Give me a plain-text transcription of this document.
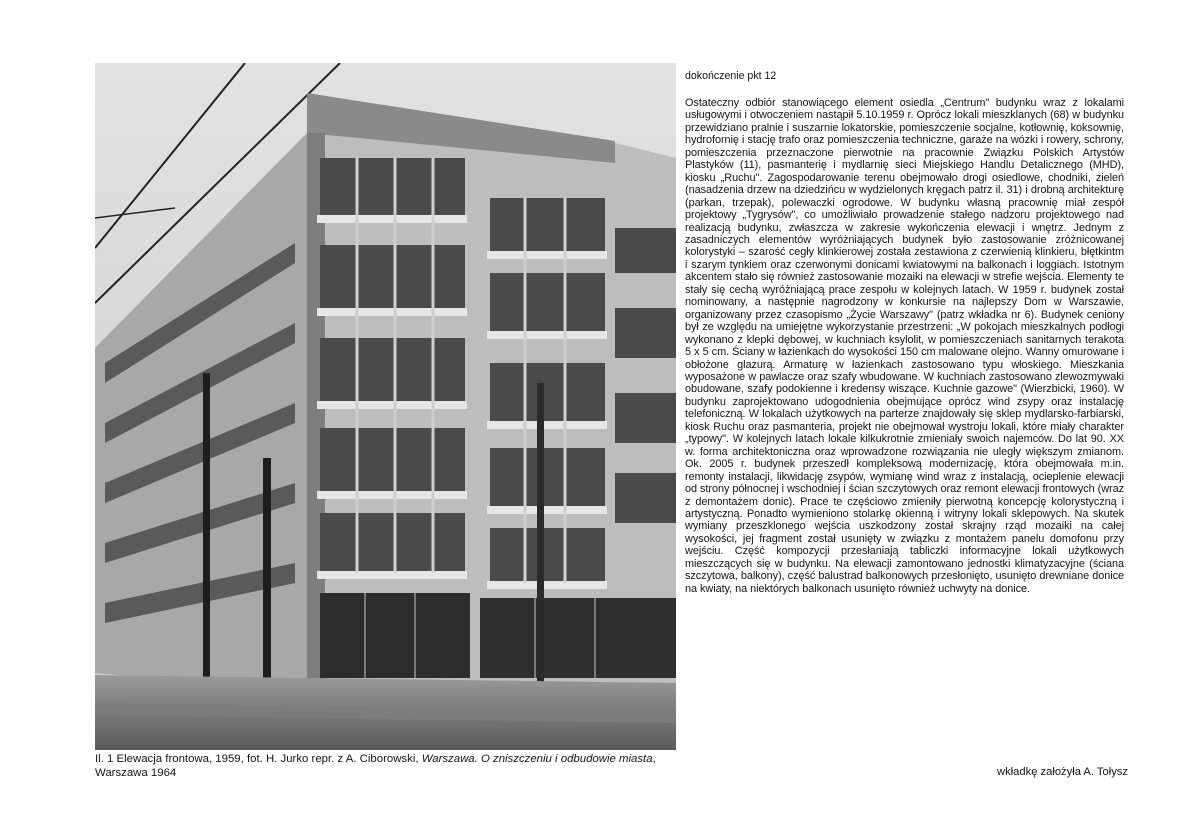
Il. 1 Elewacja frontowa, 1959, fot. H. Jurko repr. z A. Ciborowski, Warszawa. O zniszczeniu i odbudowie miasta, Warszawa 1964

dokończenie pkt 12

Ostateczny odbiór stanowiącego element osiedla „Centrum" budynku wraz z lokalami usługowymi i otwoczeniem nastąpił 5.10.1959 r. Oprócz lokali mieszklanych (68) w budynku przewidziano pralnie i suszarnie lokatorskie, pomieszczenie socjalne, kotłownię, koksownię, hydrofornię i stację trafo oraz pomieszczenia techniczne, garaże na wózki i rowery, schrony, pomieszczenia przeznaczone pierwotnie na pracownie Związku Polskich Artystów Plastyków (11), pasmanterię i mydlarnię sieci Miejskiego Handlu Detalicznego (MHD), kiosku „Ruchu". Zagospodarowanie terenu obejmowało drogi osiedlowe, chodniki, zieleń (nasadzenia drzew na dziedzińcu w wydzielonych kręgach patrz il. 31) i drobną architekturę (parkan, trzepak), polewaczki ogrodowe. W budynku własną pracownię miał zespół projektowy „Tygrysów", co umożliwiało prowadzenie stałego nadzoru projektowego nad realizacją budynku, zwłaszcza w zakresie wykończenia elewacji i wnętrz. Jednym z zasadniczych elementów wyróżniających budynek było zastosowanie zróżnicowanej kolorystyki – szarość cegły klinkierowej została zestawiona z czerwienią klinkieru, błętkintm i szarym tynkiem oraz czerwonymi donicami kwiatowymi na balkonach i loggiach. Istotnym akcentem stało się również zastosowanie mozaiki na elewacji w strefie wejścia. Elementy te stały się cechą wyróżniającą prace zespołu w kolejnych latach. W 1959 r. budynek został nominowany, a następnie nagrodzony w konkursie na najlepszy Dom w Warszawie, organizowany przez czasopismo „Życie Warszawy" (patrz wkładka nr 6). Budynek ceniony był ze względu na umiejętne wykorzystanie przestrzeni: „W pokojach mieszkalnych podłogi wykonano z klepki dębowej, w kuchniach ksylolit, w pomieszczeniach sanitarnych terakota 5 x 5 cm. Ściany w łazienkach do wysokości 150 cm malowane olejno. Wanny omurowane i obłożone glazurą. Armaturę w łazienkach zastosowano typu włoskiego. Mieszkania wyposażone w pawlacze oraz szafy wbudowane. W kuchniach zastosowano zlewozmywaki obudowane, szafy podokienne i kredensy wiszące. Kuchnie gazowe" (Wierzbicki, 1960). W budynku zaprojektowano udogodnienia obejmujące oprócz wind zsypy oraz instalację telefoniczną. W lokalach użytkowych na parterze znajdowały się sklep mydlarsko-farbiarski, kiosk Ruchu oraz pasmanteria, projekt nie obejmował wystroju lokali, które miały charakter „typowy". W kolejnych latach lokale kilkukrotnie zmieniały swoich najemców. Do lat 90. XX w. forma architektoniczna oraz wprowadzone rozwiązania nie uległy większym zmianom. Ok. 2005 r. budynek przeszedł kompleksową modernizację, która obejmowała m.in. remonty instalacji, likwidację zsypów, wymianę wind wraz z instalacją, ocieplenie elewacji od strony północnej i wschodniej i ścian szczytowych oraz remont elewacji frontowych (wraz z demontażem donic). Prace te częściowo zmieniły pierwotną koncepcję kolorystyczną i artystyczną. Ponadto wymieniono stolarkę okienną i witryny lokali sklepowych. Na skutek wymiany przeszklonego wejścia uszkodzony został skrajny rząd mozaiki na całej wysokości, jej fragment został usunięty w związku z montażem panelu domofonu przy wejściu. Część kompozycji przesłaniają tabliczki informacyjne lokali użytkowych mieszczących się w budynku. Na elewacji zamontowano jednostki klimatyzacyjne (ściana szczytowa, balkony), część balustrad balkonowych przesłonięto, usunięto drewniane donice na kwiaty, na niektórych balkonach usunięto również uchwyty na donice.

wkładkę założyła A. Tołysz
